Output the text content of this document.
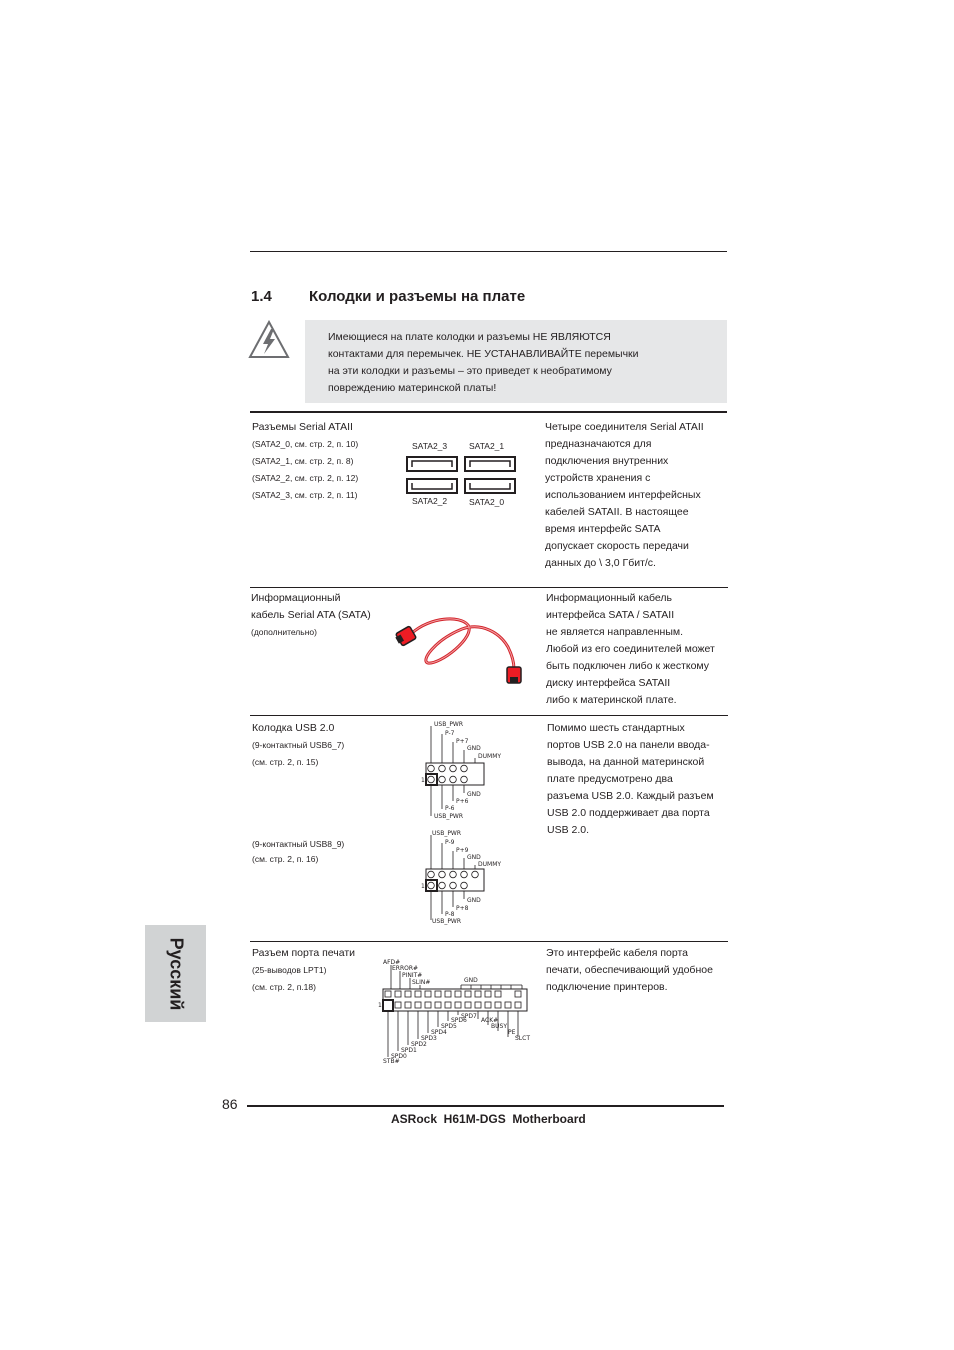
1.4 Колодки и разъемы на плате
Имеющиеся на плате колодки и разъемы НЕ ЯВЛЯЮТСЯ
контактами для перемычек. НЕ УСТАНАВЛИВАЙТЕ перемычки
на эти колодки и разъемы – это приведет к необратимому
повреждению материнской платы!
Разъемы Serial ATAII
(SATA2_0, см. стр. 2, п. 10)
(SATA2_1, см. стр. 2, п. 8)
(SATA2_2, см. стр. 2, п. 12)
(SATA2_3, см. стр. 2, п. 11)
SATA2_3	SATA2_1
SATA2_2	SATA2_0
Четыре соединителя Serial ATAII
предназначаются для
подключения внутренних
устройств хранения с
использованием интерфейсных
кабелей SATAII. В настоящее
время интерфейс SATA
допускает скорость передачи
данных до \ 3,0 Гбит/с.
Информационный
кабель Serial ATA (SATA)
(дополнительно)
Информационный кабель
интерфейса SATA / SATAII
не является направленным.
Любой из его соединителей может
быть подключен либо к жесткому
диску интерфейса SATAII
либо к материнской плате.
Колодка USB 2.0
(9-контактный USB6_7)
(см. стр. 2, п. 15)
USB_PWR
P-7
P+7
GND
DUMMY
1
GND
P+6
P-6
USB_PWR
(9-контактный USB8_9)
(см. стр. 2, п. 16)
USB_PWR
P-9
P+9
GND
DUMMY
1
GND
P+8
P-8
USB_PWR
Помимо шесть стандартных
портов USB 2.0 на панели ввода-
вывода, на данной материнской
плате предусмотрено два
разъема USB 2.0. Каждый разъем
USB 2.0 поддерживает два порта
USB 2.0.
Русский	Разъем порта печати
(25-выводов LPT1)
(см. стр. 2, п.18)
AFD#
ERROR#
PINIT#
SLIN#	GND
1
SPD7
SPD6 ACK#
SPD5	BUSY
SPD4	PE
SPD3	SLCT
SPD2
SPD1
SPD0
STB#
Это интерфейс кабеля порта
печати, обеспечивающий удобное
подключение принтеров.
86
ASRock  H61M-DGS  Motherboard
